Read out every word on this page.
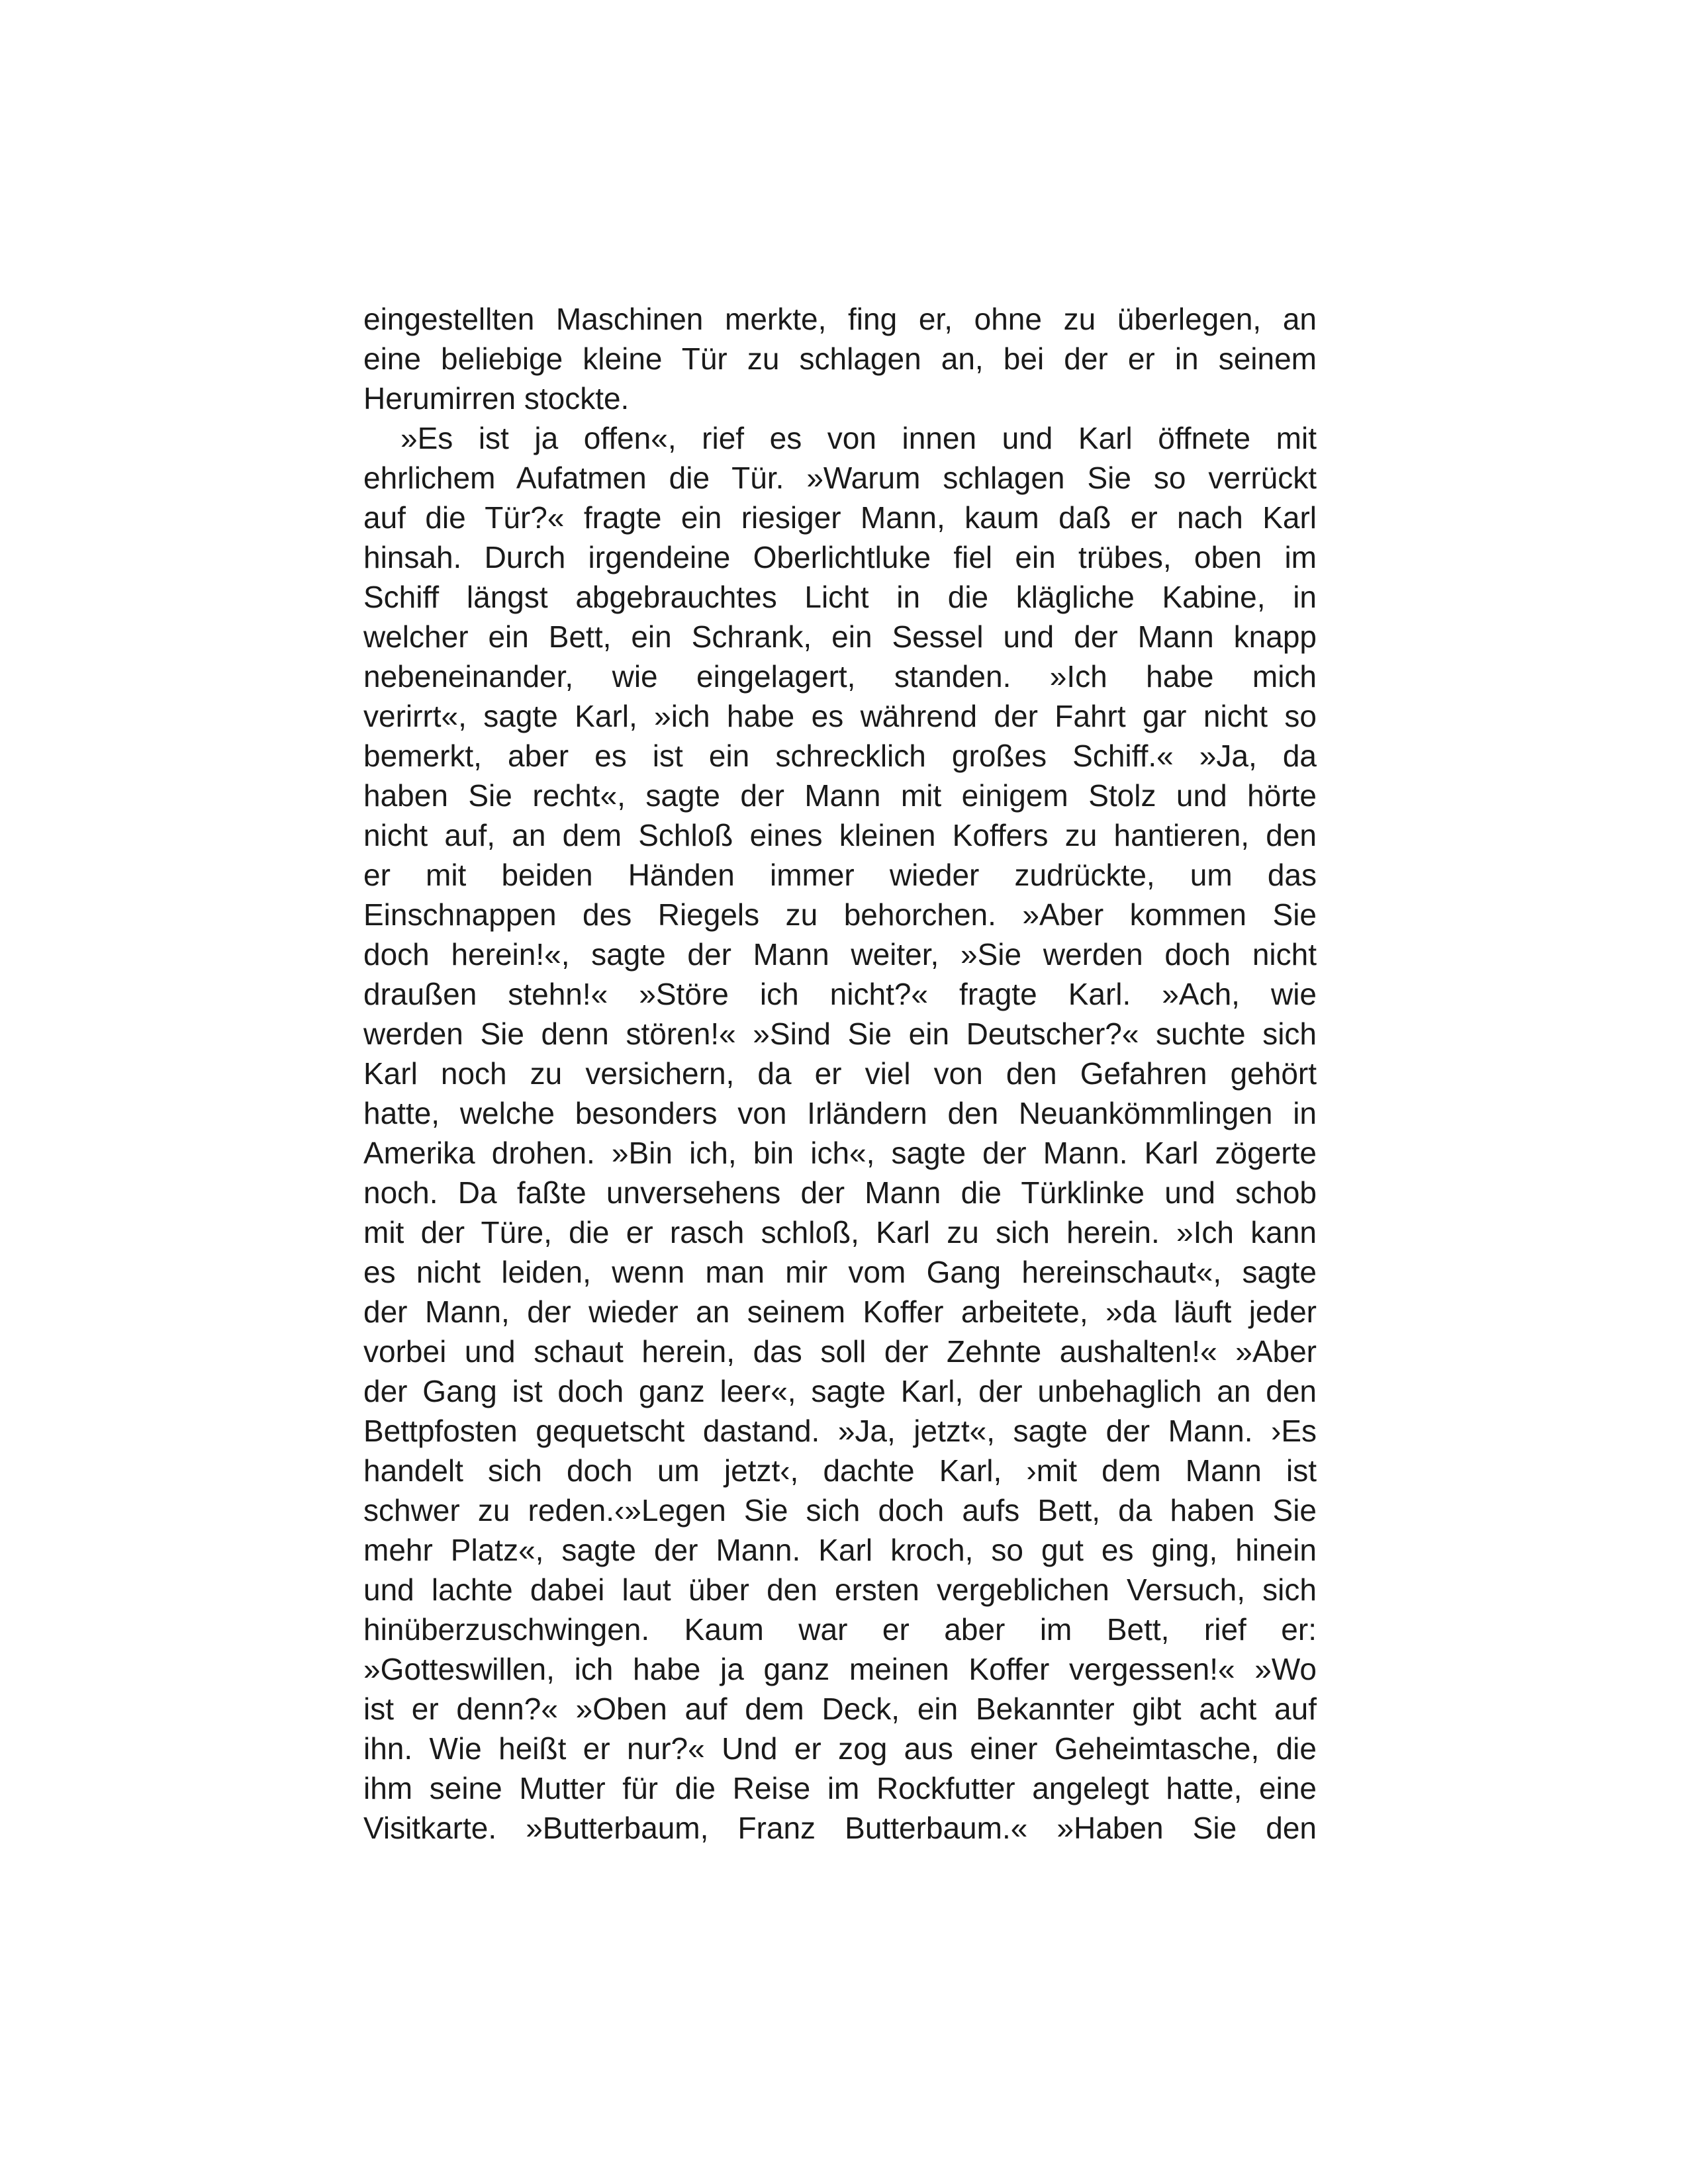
eingestellten Maschinen merkte, fing er, ohne zu überlegen, an
eine beliebige kleine Tür zu schlagen an, bei der er in seinem
Herumirren stockte.
»Es ist ja offen«, rief es von innen und Karl öffnete mit
ehrlichem Aufatmen die Tür. »Warum schlagen Sie so verrückt
auf die Tür?« fragte ein riesiger Mann, kaum daß er nach Karl
hinsah. Durch irgendeine Oberlichtluke fiel ein trübes, oben im
Schiff längst abgebrauchtes Licht in die klägliche Kabine, in
welcher ein Bett, ein Schrank, ein Sessel und der Mann knapp
nebeneinander, wie eingelagert, standen. »Ich habe mich
verirrt«, sagte Karl, »ich habe es während der Fahrt gar nicht so
bemerkt, aber es ist ein schrecklich großes Schiff.« »Ja, da
haben Sie recht«, sagte der Mann mit einigem Stolz und hörte
nicht auf, an dem Schloß eines kleinen Koffers zu hantieren, den
er mit beiden Händen immer wieder zudrückte, um das
Einschnappen des Riegels zu behorchen. »Aber kommen Sie
doch herein!«, sagte der Mann weiter, »Sie werden doch nicht
draußen stehn!« »Störe ich nicht?« fragte Karl. »Ach, wie
werden Sie denn stören!« »Sind Sie ein Deutscher?« suchte sich
Karl noch zu versichern, da er viel von den Gefahren gehört
hatte, welche besonders von Irländern den Neuankömmlingen in
Amerika drohen. »Bin ich, bin ich«, sagte der Mann. Karl zögerte
noch. Da faßte unversehens der Mann die Türklinke und schob
mit der Türe, die er rasch schloß, Karl zu sich herein. »Ich kann
es nicht leiden, wenn man mir vom Gang hereinschaut«, sagte
der Mann, der wieder an seinem Koffer arbeitete, »da läuft jeder
vorbei und schaut herein, das soll der Zehnte aushalten!« »Aber
der Gang ist doch ganz leer«, sagte Karl, der unbehaglich an den
Bettpfosten gequetscht dastand. »Ja, jetzt«, sagte der Mann. ›Es
handelt sich doch um jetzt‹, dachte Karl, ›mit dem Mann ist
schwer zu reden.‹»Legen Sie sich doch aufs Bett, da haben Sie
mehr Platz«, sagte der Mann. Karl kroch, so gut es ging, hinein
und lachte dabei laut über den ersten vergeblichen Versuch, sich
hinüberzuschwingen. Kaum war er aber im Bett, rief er:
»Gotteswillen, ich habe ja ganz meinen Koffer vergessen!« »Wo
ist er denn?« »Oben auf dem Deck, ein Bekannter gibt acht auf
ihn. Wie heißt er nur?« Und er zog aus einer Geheimtasche, die
ihm seine Mutter für die Reise im Rockfutter angelegt hatte, eine
Visitkarte. »Butterbaum, Franz Butterbaum.« »Haben Sie den
